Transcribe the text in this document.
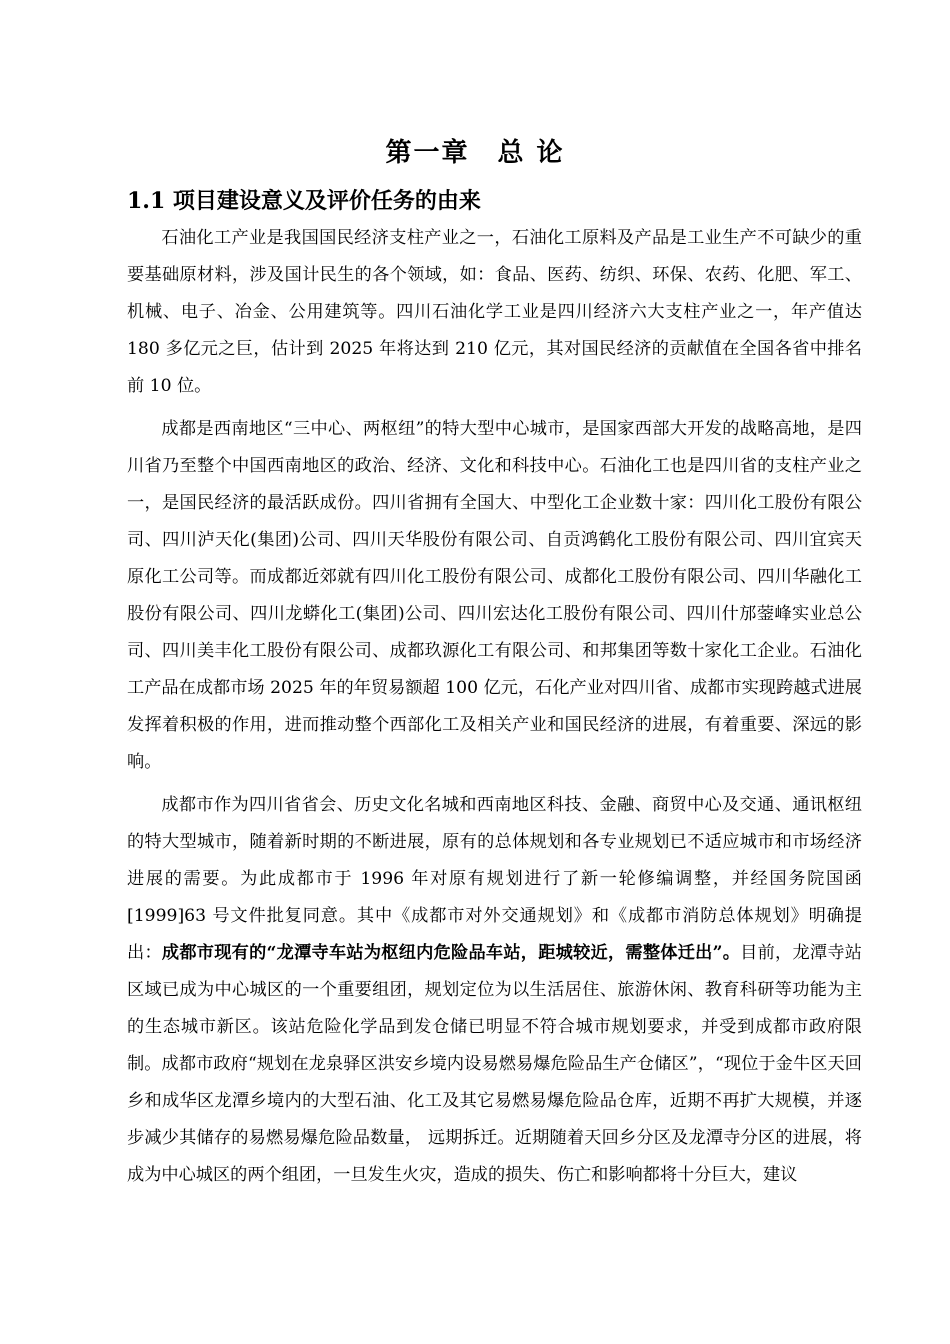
第一章　总 论
1.1 项目建设意义及评价任务的由来

石油化工产业是我国国民经济支柱产业之一，石油化工原料及产品是工业生产不可缺少的重要基础原材料，涉及国计民生的各个领域，如：食品、医药、纺织、环保、农药、化肥、军工、机械、电子、冶金、公用建筑等。四川石油化学工业是四川经济六大支柱产业之一，年产值达 180 多亿元之巨，估计到 2025 年将达到 210 亿元，其对国民经济的贡献值在全国各省中排名前 10 位。

成都是西南地区“三中心、两枢纽”的特大型中心城市，是国家西部大开发的战略高地，是四川省乃至整个中国西南地区的政治、经济、文化和科技中心。石油化工也是四川省的支柱产业之一，是国民经济的最活跃成份。四川省拥有全国大、中型化工企业数十家：四川化工股份有限公司、四川泸天化(集团)公司、四川天华股份有限公司、自贡鸿鹤化工股份有限公司、四川宜宾天原化工公司等。而成都近郊就有四川化工股份有限公司、成都化工股份有限公司、四川华融化工股份有限公司、四川龙蟒化工(集团)公司、四川宏达化工股份有限公司、四川什邡蓥峰实业总公司、四川美丰化工股份有限公司、成都玖源化工有限公司、和邦集团等数十家化工企业。石油化工产品在成都市场 2025 年的年贸易额超 100 亿元，石化产业对四川省、成都市实现跨越式进展发挥着积极的作用，进而推动整个西部化工及相关产业和国民经济的进展，有着重要、深远的影响。

成都市作为四川省省会、历史文化名城和西南地区科技、金融、商贸中心及交通、通讯枢纽的特大型城市，随着新时期的不断进展，原有的总体规划和各专业规划已不适应城市和市场经济进展的需要。为此成都市于 1996 年对原有规划进行了新一轮修编调整，并经国务院国函[1999]63 号文件批复同意。其中《成都市对外交通规划》和《成都市消防总体规划》明确提出：成都市现有的“龙潭寺车站为枢纽内危险品车站，距城较近，需整体迁出”。目前，龙潭寺站区域已成为中心城区的一个重要组团，规划定位为以生活居住、旅游休闲、教育科研等功能为主的生态城市新区。该站危险化学品到发仓储已明显不符合城市规划要求，并受到成都市政府限制。成都市政府“规划在龙泉驿区洪安乡境内设易燃易爆危险品生产仓储区”，“现位于金牛区天回乡和成华区龙潭乡境内的大型石油、化工及其它易燃易爆危险品仓库，近期不再扩大规模，并逐步减少其储存的易燃易爆危险品数量， 远期拆迁。近期随着天回乡分区及龙潭寺分区的进展，将成为中心城区的两个组团，一旦发生火灾，造成的损失、伤亡和影响都将十分巨大，建议
